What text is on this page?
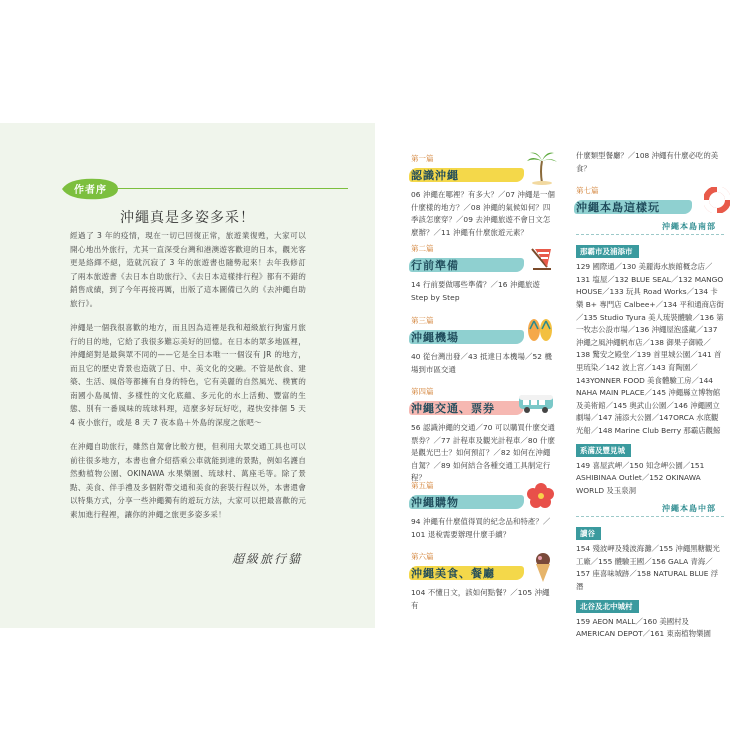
作者序
沖繩真是多姿多采！

經過了 3 年的疫情，現在一切已回復正常，旅遊業復甦，大家可以開心地出外旅行，尤其一直深受台灣和港澳遊客歡迎的日本，觀光客更是絡繹不絕，造就沉寂了 3 年的旅遊書也隨勢起來！去年我修訂了兩本旅遊書《去日本自助旅行》、《去日本這樣排行程》都有不錯的銷售成績，到了今年再接再厲，出版了這本圖備已久的《去沖繩自助旅行》。

沖繩是一個我很喜歡的地方，而且因為這裡是我和超級旅行狗蜜月旅行的目的地，它給了我很多難忘美好的回憶。在日本的眾多地區裡，沖繩絕對是最與眾不同的——它是全日本唯一一個沒有 JR 的地方，而且它的歷史背景也造就了日、中、美文化的交融。不管是飲食、建築、生活、風俗等都擁有自身的特色，它有美麗的自然風光、樸實的南國小島風情、多樣性的文化底蘊、多元化的水上活動、豐富的生態、別有一番風味的琉球料理，這麼多好玩好吃，趕快安排個 5 天 4 夜小旅行，或是 8 天 7 夜本島＋外島的深度之旅吧～

在沖繩自助旅行，雖然自駕會比較方便，但利用大眾交通工具也可以前往很多地方，本書也會介紹搭乘公車就能到達的景點，例如名護自然動植物公園、OKINAWA 水果樂園、琉球村、萬座毛等。除了景點、美食、伴手禮及多個附帶交通和美食的套裝行程以外，本書還會以特集方式，分享一些沖繩獨有的遊玩方法，大家可以把最喜歡的元素加進行程裡，讓你的沖繩之旅更多姿多采！

超級旅行貓
第一篇
認識沖繩
06 沖繩在哪裡？有多大？／07 沖繩是一個什麼樣的地方？／08 沖繩的氣候如何？四季該怎麼穿？／09 去沖繩旅遊不會日文怎麼辦？／11 沖繩有什麼旅遊元素？
第二篇
行前準備
14 行前要做哪些準備？／16 沖繩旅遊 Step by Step
第三篇
沖繩機場
40 從台灣出發／43 抵達日本機場／52 機場到市區交通
第四篇
沖繩交通、票券
56 認識沖繩的交通／70 可以購買什麼交通票券？／77 計程車及觀光計程車／80 什麼是觀光巴士？如何預訂？／82 如何在沖繩自駕？／89 如何結合各種交通工具制定行程？
第五篇
沖繩購物
94 沖繩有什麼值得買的紀念品和特產？／101 退稅需要辦理什麼手續？
第六篇
沖繩美食、餐廳
104 不懂日文，該如何點餐？／105 沖繩有
什麼類型餐廳？／108 沖繩有什麼必吃的美食？
第七篇
沖繩本島這樣玩
沖繩本島南部
那霸市及浦添市
129 國際通／130 美麗海水族館概念店／131 塩屋／132 BLUE SEAL／132 MANGO HOUSE／133 玩具 Road Works／134 卡樂 B+ 專門店 Calbee+／134 平和通商店街／135 Studio Tyura 美人琉裝體驗／136 第一牧志公設市場／136 沖繩屋泡盛藏／137 沖繩之風沖繩帆布店／138 御果子御殿／138 驚安之殿堂／139 首里城公園／141 首里琉染／142 波上宮／143 育陶園／143YONNER FOOD 美食體驗工房／144 NAHA MAIN PLACE／145 沖繩縣立博物館及美術館／145 奧武山公園／146 沖繩國立劇場／147 浦添大公園／147ORCA 水底觀光船／148 Marine Club Berry 那霸店觀鯨
系滿及豐見城
149 喜屋武岬／150 知念岬公園／151 ASHIBINAA Outlet／152 OKINAWA WORLD 及玉泉洞
沖繩本島中部
讀谷
154 殘波岬及殘波海灘／155 沖繩黑糖觀光工廠／155 體驗王國／156 GALA 青海／157 座喜味城跡／158 NATURAL BLUE 浮潛
北谷及北中城村
159 AEON MALL／160 美國村及 AMERICAN DEPOT／161 東南植物樂園
